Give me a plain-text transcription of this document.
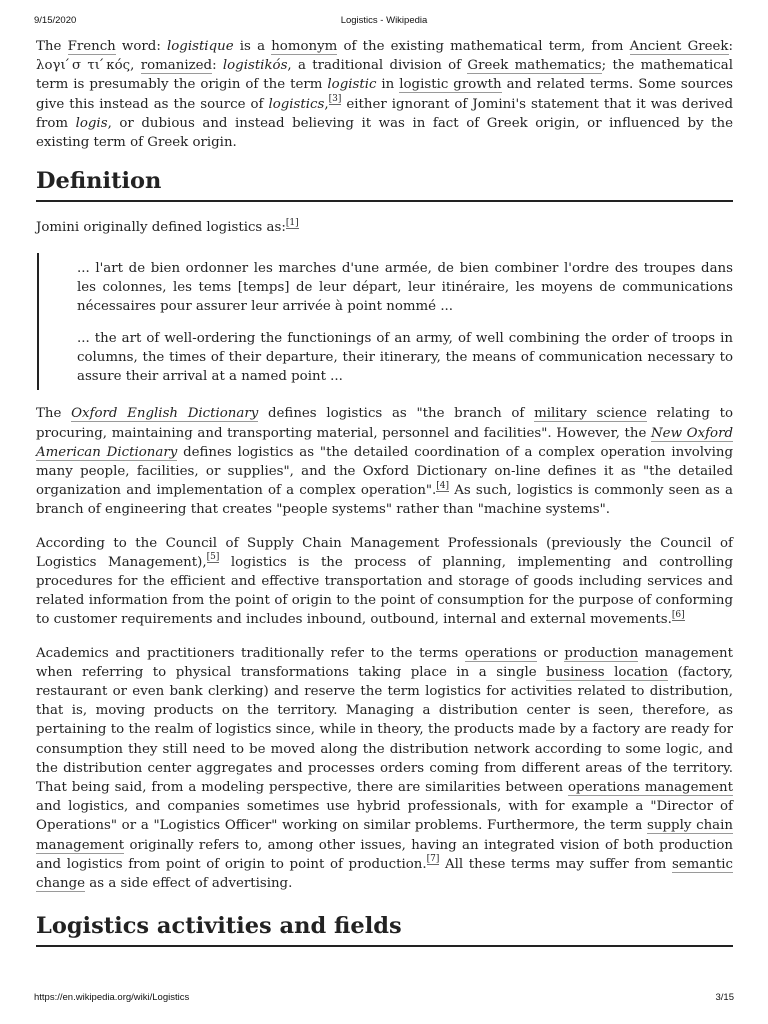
9/15/2020	Logistics - Wikipedia

The French word: logistique is a homonym of the existing mathematical term, from Ancient Greek: λογι ́σ τι ́κός, romanized: logistikós, a traditional division of Greek mathematics; the mathematical term is presumably the origin of the term logistic in logistic growth and related terms. Some sources give this instead as the source of logistics,[3] either ignorant of Jomini's statement that it was derived from logis, or dubious and instead believing it was in fact of Greek origin, or influenced by the existing term of Greek origin.

Definition

Jomini originally defined logistics as:[1]

... l'art de bien ordonner les marches d'une armée, de bien combiner l'ordre des troupes dans les colonnes, les tems [temps] de leur départ, leur itinéraire, les moyens de communications nécessaires pour assurer leur arrivée à point nommé ...

... the art of well-ordering the functionings of an army, of well combining the order of troops in columns, the times of their departure, their itinerary, the means of communication necessary to assure their arrival at a named point ...

The Oxford English Dictionary defines logistics as "the branch of military science relating to procuring, maintaining and transporting material, personnel and facilities". However, the New Oxford American Dictionary defines logistics as "the detailed coordination of a complex operation involving many people, facilities, or supplies", and the Oxford Dictionary on-line defines it as "the detailed organization and implementation of a complex operation".[4] As such, logistics is commonly seen as a branch of engineering that creates "people systems" rather than "machine systems".

According to the Council of Supply Chain Management Professionals (previously the Council of Logistics Management),[5] logistics is the process of planning, implementing and controlling procedures for the efficient and effective transportation and storage of goods including services and related information from the point of origin to the point of consumption for the purpose of conforming to customer requirements and includes inbound, outbound, internal and external movements.[6]

Academics and practitioners traditionally refer to the terms operations or production management when referring to physical transformations taking place in a single business location (factory, restaurant or even bank clerking) and reserve the term logistics for activities related to distribution, that is, moving products on the territory. Managing a distribution center is seen, therefore, as pertaining to the realm of logistics since, while in theory, the products made by a factory are ready for consumption they still need to be moved along the distribution network according to some logic, and the distribution center aggregates and processes orders coming from different areas of the territory. That being said, from a modeling perspective, there are similarities between operations management and logistics, and companies sometimes use hybrid professionals, with for example a "Director of Operations" or a "Logistics Officer" working on similar problems. Furthermore, the term supply chain management originally refers to, among other issues, having an integrated vision of both production and logistics from point of origin to point of production.[7] All these terms may suffer from semantic change as a side effect of advertising.

Logistics activities and fields
https://en.wikipedia.org/wiki/Logistics	3/15
